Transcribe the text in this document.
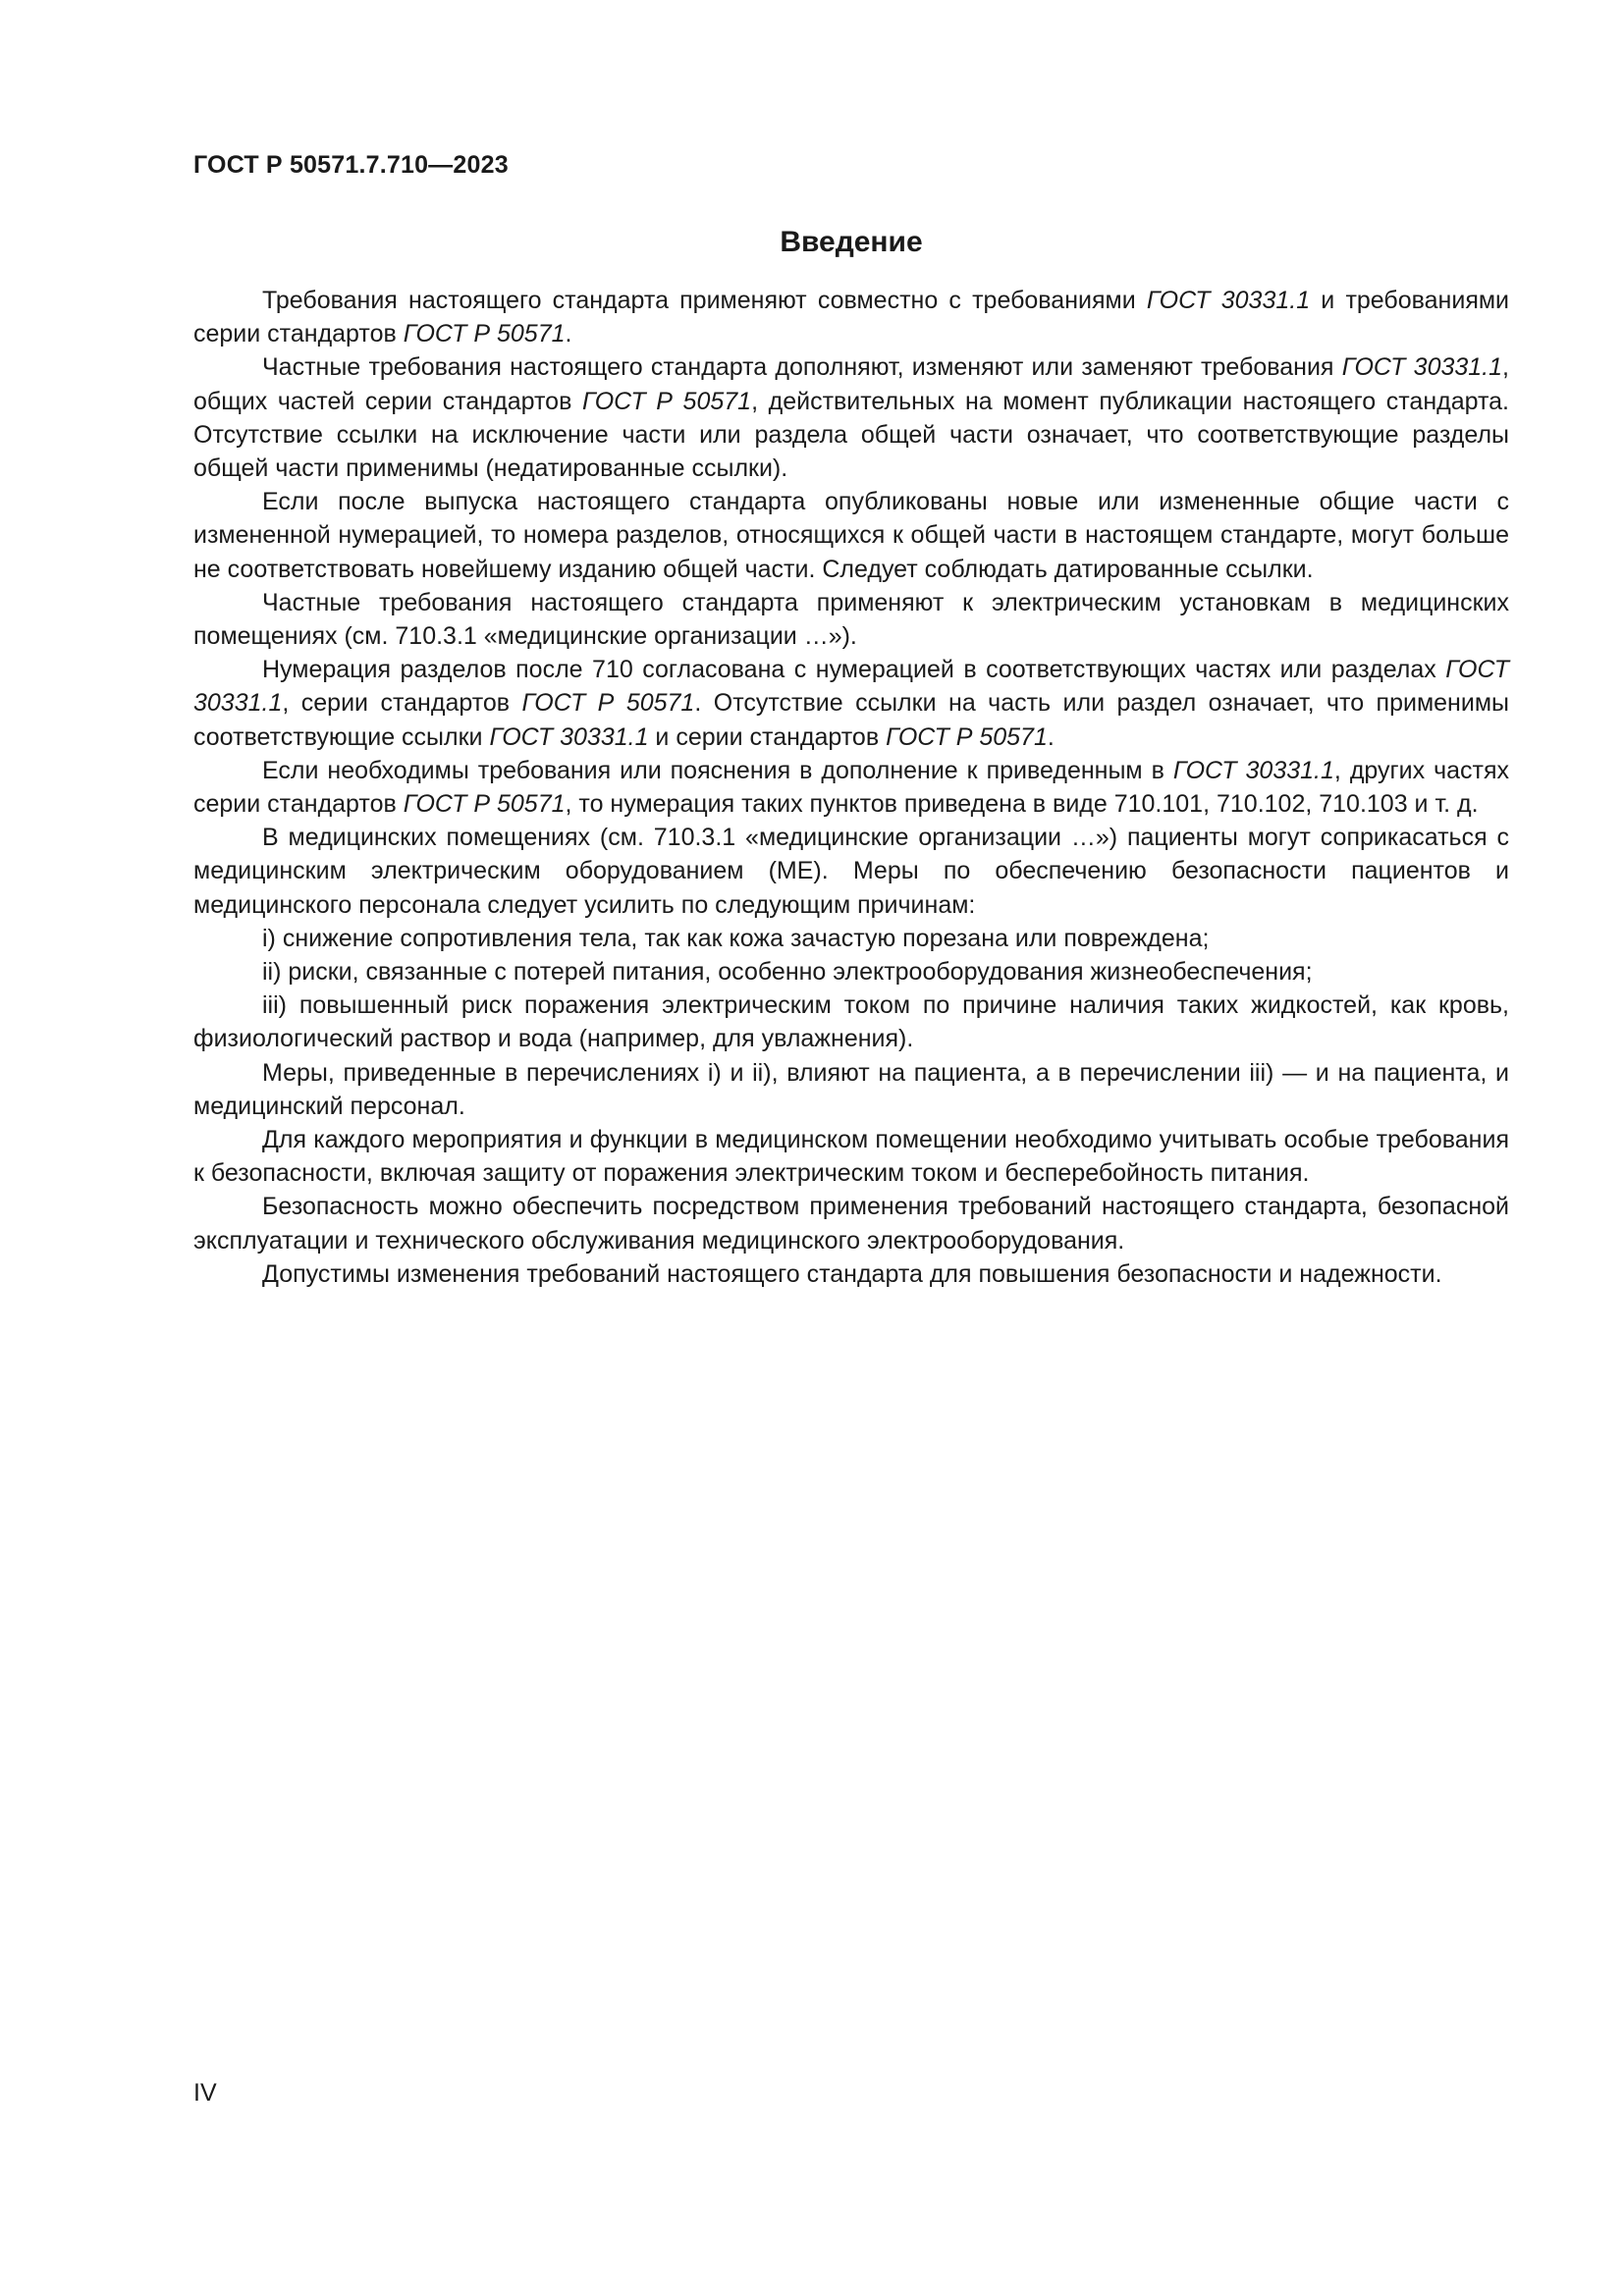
ГОСТ Р 50571.7.710—2023
Введение

Требования настоящего стандарта применяют совместно с требованиями ГОСТ 30331.1 и требованиями серии стандартов ГОСТ Р 50571.

Частные требования настоящего стандарта дополняют, изменяют или заменяют требования ГОСТ 30331.1, общих частей серии стандартов ГОСТ Р 50571, действительных на момент публикации настоящего стандарта. Отсутствие ссылки на исключение части или раздела общей части означает, что соответствующие разделы общей части применимы (недатированные ссылки).

Если после выпуска настоящего стандарта опубликованы новые или измененные общие части с измененной нумерацией, то номера разделов, относящихся к общей части в настоящем стандарте, могут больше не соответствовать новейшему изданию общей части. Следует соблюдать датированные ссылки.

Частные требования настоящего стандарта применяют к электрическим установкам в медицинских помещениях (см. 710.3.1 «медицинские организации …»).

Нумерация разделов после 710 согласована с нумерацией в соответствующих частях или разделах ГОСТ 30331.1, серии стандартов ГОСТ Р 50571. Отсутствие ссылки на часть или раздел означает, что применимы соответствующие ссылки ГОСТ 30331.1 и серии стандартов ГОСТ Р 50571.

Если необходимы требования или пояснения в дополнение к приведенным в ГОСТ 30331.1, других частях серии стандартов ГОСТ Р 50571, то нумерация таких пунктов приведена в виде 710.101, 710.102, 710.103 и т. д.

В медицинских помещениях (см. 710.3.1 «медицинские организации …») пациенты могут соприкасаться с медицинским электрическим оборудованием (МЕ). Меры по обеспечению безопасности пациентов и медицинского персонала следует усилить по следующим причинам:

i) снижение сопротивления тела, так как кожа зачастую порезана или повреждена;

ii) риски, связанные с потерей питания, особенно электрооборудования жизнеобеспечения;

iii) повышенный риск поражения электрическим током по причине наличия таких жидкостей, как кровь, физиологический раствор и вода (например, для увлажнения).

Меры, приведенные в перечислениях i) и ii), влияют на пациента, а в перечислении iii) — и на пациента, и медицинский персонал.

Для каждого мероприятия и функции в медицинском помещении необходимо учитывать особые требования к безопасности, включая защиту от поражения электрическим током и бесперебойность питания.

Безопасность можно обеспечить посредством применения требований настоящего стандарта, безопасной эксплуатации и технического обслуживания медицинского электрооборудования.

Допустимы изменения требований настоящего стандарта для повышения безопасности и надежности.

IV
